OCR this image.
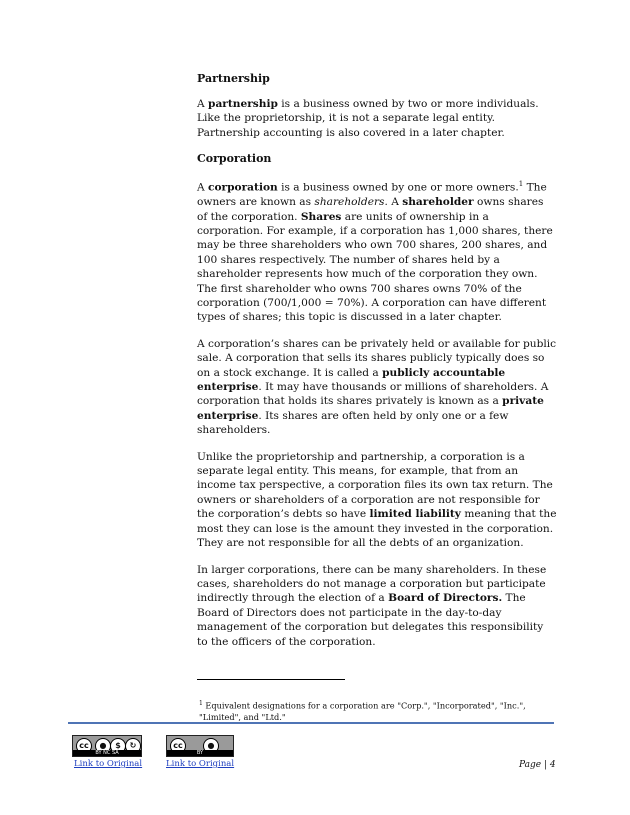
Partnership

A partnership is a business owned by two or more individuals. Like the proprietorship, it is not a separate legal entity. Partnership accounting is also covered in a later chapter.

Corporation

A corporation is a business owned by one or more owners.$^1$ The owners are known as shareholders. A shareholder owns shares of the corporation. Shares are units of ownership in a corporation. For example, if a corporation has 1,000 shares, there may be three shareholders who own 700 shares, 200 shares, and 100 shares respectively. The number of shares held by a shareholder represents how much of the corporation they own. The first shareholder who owns 700 shares owns 70% of the corporation (700/1,000 = 70%). A corporation can have different types of shares; this topic is discussed in a later chapter.

A corporation’s shares can be privately held or available for public sale. A corporation that sells its shares publicly typically does so on a stock exchange. It is called a publicly accountable enterprise. It may have thousands or millions of shareholders. A corporation that holds its shares privately is known as a private enterprise. Its shares are often held by only one or a few shareholders.

Unlike the proprietorship and partnership, a corporation is a separate legal entity. This means, for example, that from an income tax perspective, a corporation files its own tax return. The owners or shareholders of a corporation are not responsible for the corporation’s debts so have limited liability meaning that the most they can lose is the amount they invested in the corporation. They are not responsible for all the debts of an organization.

In larger corporations, there can be many shareholders. In these cases, shareholders do not manage a corporation but participate indirectly through the election of a Board of Directors. The Board of Directors does not participate in the day-to-day management of the corporation but delegates this responsibility to the officers of the corporation.

$^1$ Equivalent designations for a corporation are "Corp.", "Incorporated", "Inc.", "Limited", and "Ltd."
cc	●	$	↻
BY NC SA
cc	●
BY
Link to Original	Link to Original	Page | 4
